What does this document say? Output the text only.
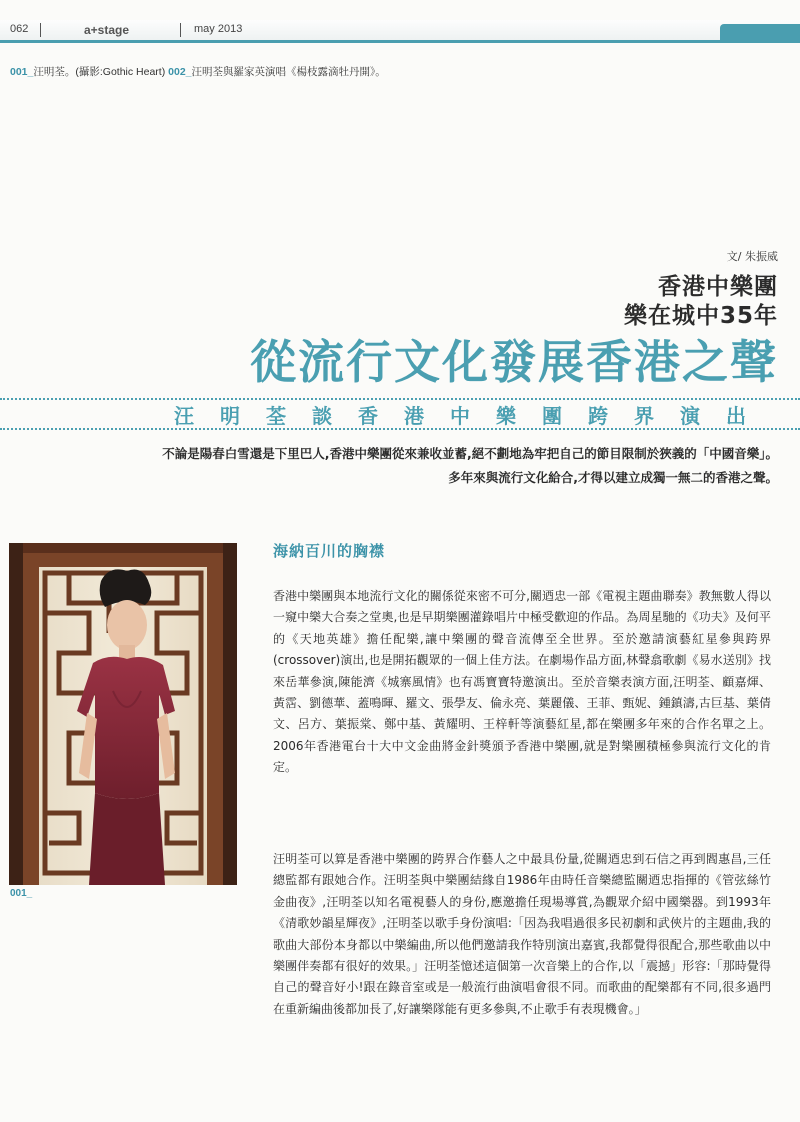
062	a+stage	may 2013
001_汪明荃。(攝影:Gothic Heart) 002_汪明荃與羅家英演唱《楊枝露滴牡丹開》。
文/ 朱振威
香港中樂團
樂在城中35年
從流行文化發展香港之聲
汪明荃談香港中樂團跨界演出
不論是陽春白雪還是下里巴人,香港中樂團從來兼收並蓄,絕不劃地為牢把自己的節目限制於狹義的「中國音樂」。
多年來與流行文化給合,才得以建立成獨一無二的香港之聲。
001_
海納百川的胸襟
香港中樂團與本地流行文化的關係從來密不可分,關迺忠一部《電視主題曲聯奏》教無數人得以一窺中樂大合奏之堂奧,也是早期樂團灌錄唱片中極受歡迎的作品。為周星馳的《功夫》及何平的《天地英雄》擔任配樂,讓中樂團的聲音流傳至全世界。至於邀請演藝紅星參與跨界(crossover)演出,也是開拓觀眾的一個上佳方法。在劇場作品方面,林聲翕歌劇《易水送別》找來岳華參演,陳能濟《城寨風情》也有馮寶寶特邀演出。至於音樂表演方面,汪明荃、顧嘉煇、黃霑、劉德華、蓋鳴暉、羅文、張學友、倫永亮、葉麗儀、王菲、甄妮、鍾鎮濤,古巨基、葉倩文、呂方、葉振棠、鄭中基、黃耀明、王梓軒等演藝紅星,都在樂團多年來的合作名單之上。2006年香港電台十大中文金曲將金針獎頒予香港中樂團,就是對樂團積極參與流行文化的肯定。
汪明荃可以算是香港中樂團的跨界合作藝人之中最具份量,從關迺忠到石信之再到閻惠昌,三任總監都有跟她合作。汪明荃與中樂團結緣自1986年由時任音樂總監關迺忠指揮的《管弦絲竹金曲夜》,汪明荃以知名電視藝人的身份,應邀擔任現場導賞,為觀眾介紹中國樂器。到1993年《清歌妙韻星輝夜》,汪明荃以歌手身份演唱:「因為我唱過很多民初劇和武俠片的主題曲,我的歌曲大部份本身都以中樂編曲,所以他們邀請我作特別演出嘉賓,我都覺得很配合,那些歌曲以中樂團伴奏都有很好的效果。」汪明荃憶述這個第一次音樂上的合作,以「震撼」形容:「那時覺得自己的聲音好小!跟在錄音室或是一般流行曲演唱會很不同。而歌曲的配樂都有不同,很多過門在重新編曲後都加長了,好讓樂隊能有更多參與,不止歌手有表現機會。」
